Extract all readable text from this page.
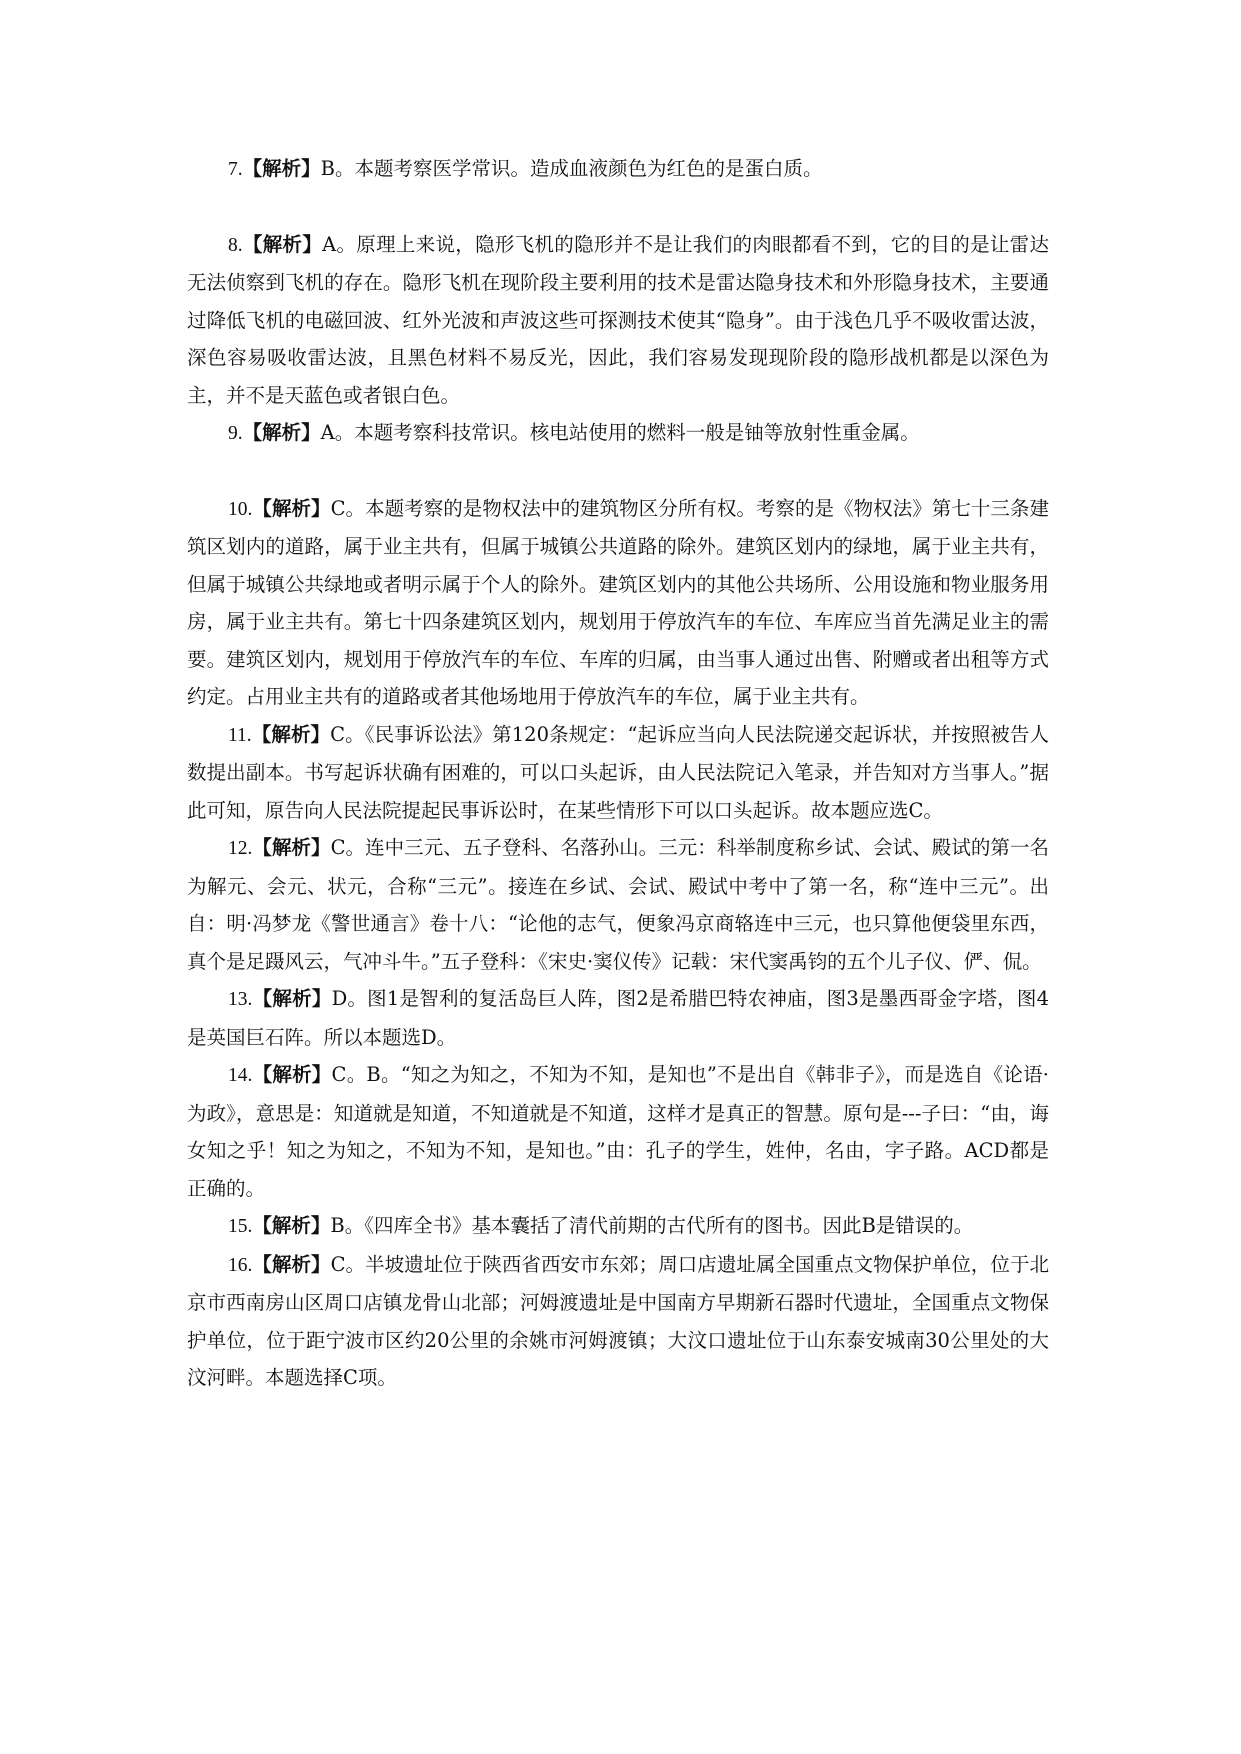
7.【解析】B。本题考察医学常识。造成血液颜色为红色的是蛋白质。

8.【解析】A。原理上来说，隐形飞机的隐形并不是让我们的肉眼都看不到，它的目的是让雷达无法侦察到飞机的存在。隐形飞机在现阶段主要利用的技术是雷达隐身技术和外形隐身技术，主要通过降低飞机的电磁回波、红外光波和声波这些可探测技术使其“隐身”。由于浅色几乎不吸收雷达波，深色容易吸收雷达波，且黑色材料不易反光，因此，我们容易发现现阶段的隐形战机都是以深色为主，并不是天蓝色或者银白色。

9.【解析】A。本题考察科技常识。核电站使用的燃料一般是铀等放射性重金属。

10.【解析】C。本题考察的是物权法中的建筑物区分所有权。考察的是《物权法》第七十三条建筑区划内的道路，属于业主共有，但属于城镇公共道路的除外。建筑区划内的绿地，属于业主共有，但属于城镇公共绿地或者明示属于个人的除外。建筑区划内的其他公共场所、公用设施和物业服务用房，属于业主共有。第七十四条建筑区划内，规划用于停放汽车的车位、车库应当首先满足业主的需要。建筑区划内，规划用于停放汽车的车位、车库的归属，由当事人通过出售、附赠或者出租等方式约定。占用业主共有的道路或者其他场地用于停放汽车的车位，属于业主共有。

11.【解析】C。《民事诉讼法》第120条规定：“起诉应当向人民法院递交起诉状，并按照被告人数提出副本。书写起诉状确有困难的，可以口头起诉，由人民法院记入笔录，并告知对方当事人。”据此可知，原告向人民法院提起民事诉讼时，在某些情形下可以口头起诉。故本题应选C。

12.【解析】C。连中三元、五子登科、名落孙山。三元：科举制度称乡试、会试、殿试的第一名为解元、会元、状元，合称“三元”。接连在乡试、会试、殿试中考中了第一名，称“连中三元”。出自：明·冯梦龙《警世通言》卷十八：“论他的志气，便象冯京商辂连中三元，也只算他便袋里东西，真个是足蹑风云，气冲斗牛。”五子登科：《宋史·窦仪传》记载：宋代窦禹钧的五个儿子仪、俨、侃。

13.【解析】D。图1是智利的复活岛巨人阵，图2是希腊巴特农神庙，图3是墨西哥金字塔，图4是英国巨石阵。所以本题选D。

14.【解析】C。B。“知之为知之，不知为不知，是知也”不是出自《韩非子》，而是选自《论语·为政》，意思是：知道就是知道，不知道就是不知道，这样才是真正的智慧。原句是---子曰：“由，诲女知之乎！知之为知之，不知为不知，是知也。”由：孔子的学生，姓仲，名由，字子路。ACD都是正确的。

15.【解析】B。《四库全书》基本囊括了清代前期的古代所有的图书。因此B是错误的。

16.【解析】C。半坡遗址位于陕西省西安市东郊；周口店遗址属全国重点文物保护单位，位于北京市西南房山区周口店镇龙骨山北部；河姆渡遗址是中国南方早期新石器时代遗址，全国重点文物保护单位，位于距宁波市区约20公里的余姚市河姆渡镇；大汶口遗址位于山东泰安城南30公里处的大汶河畔。本题选择C项。
